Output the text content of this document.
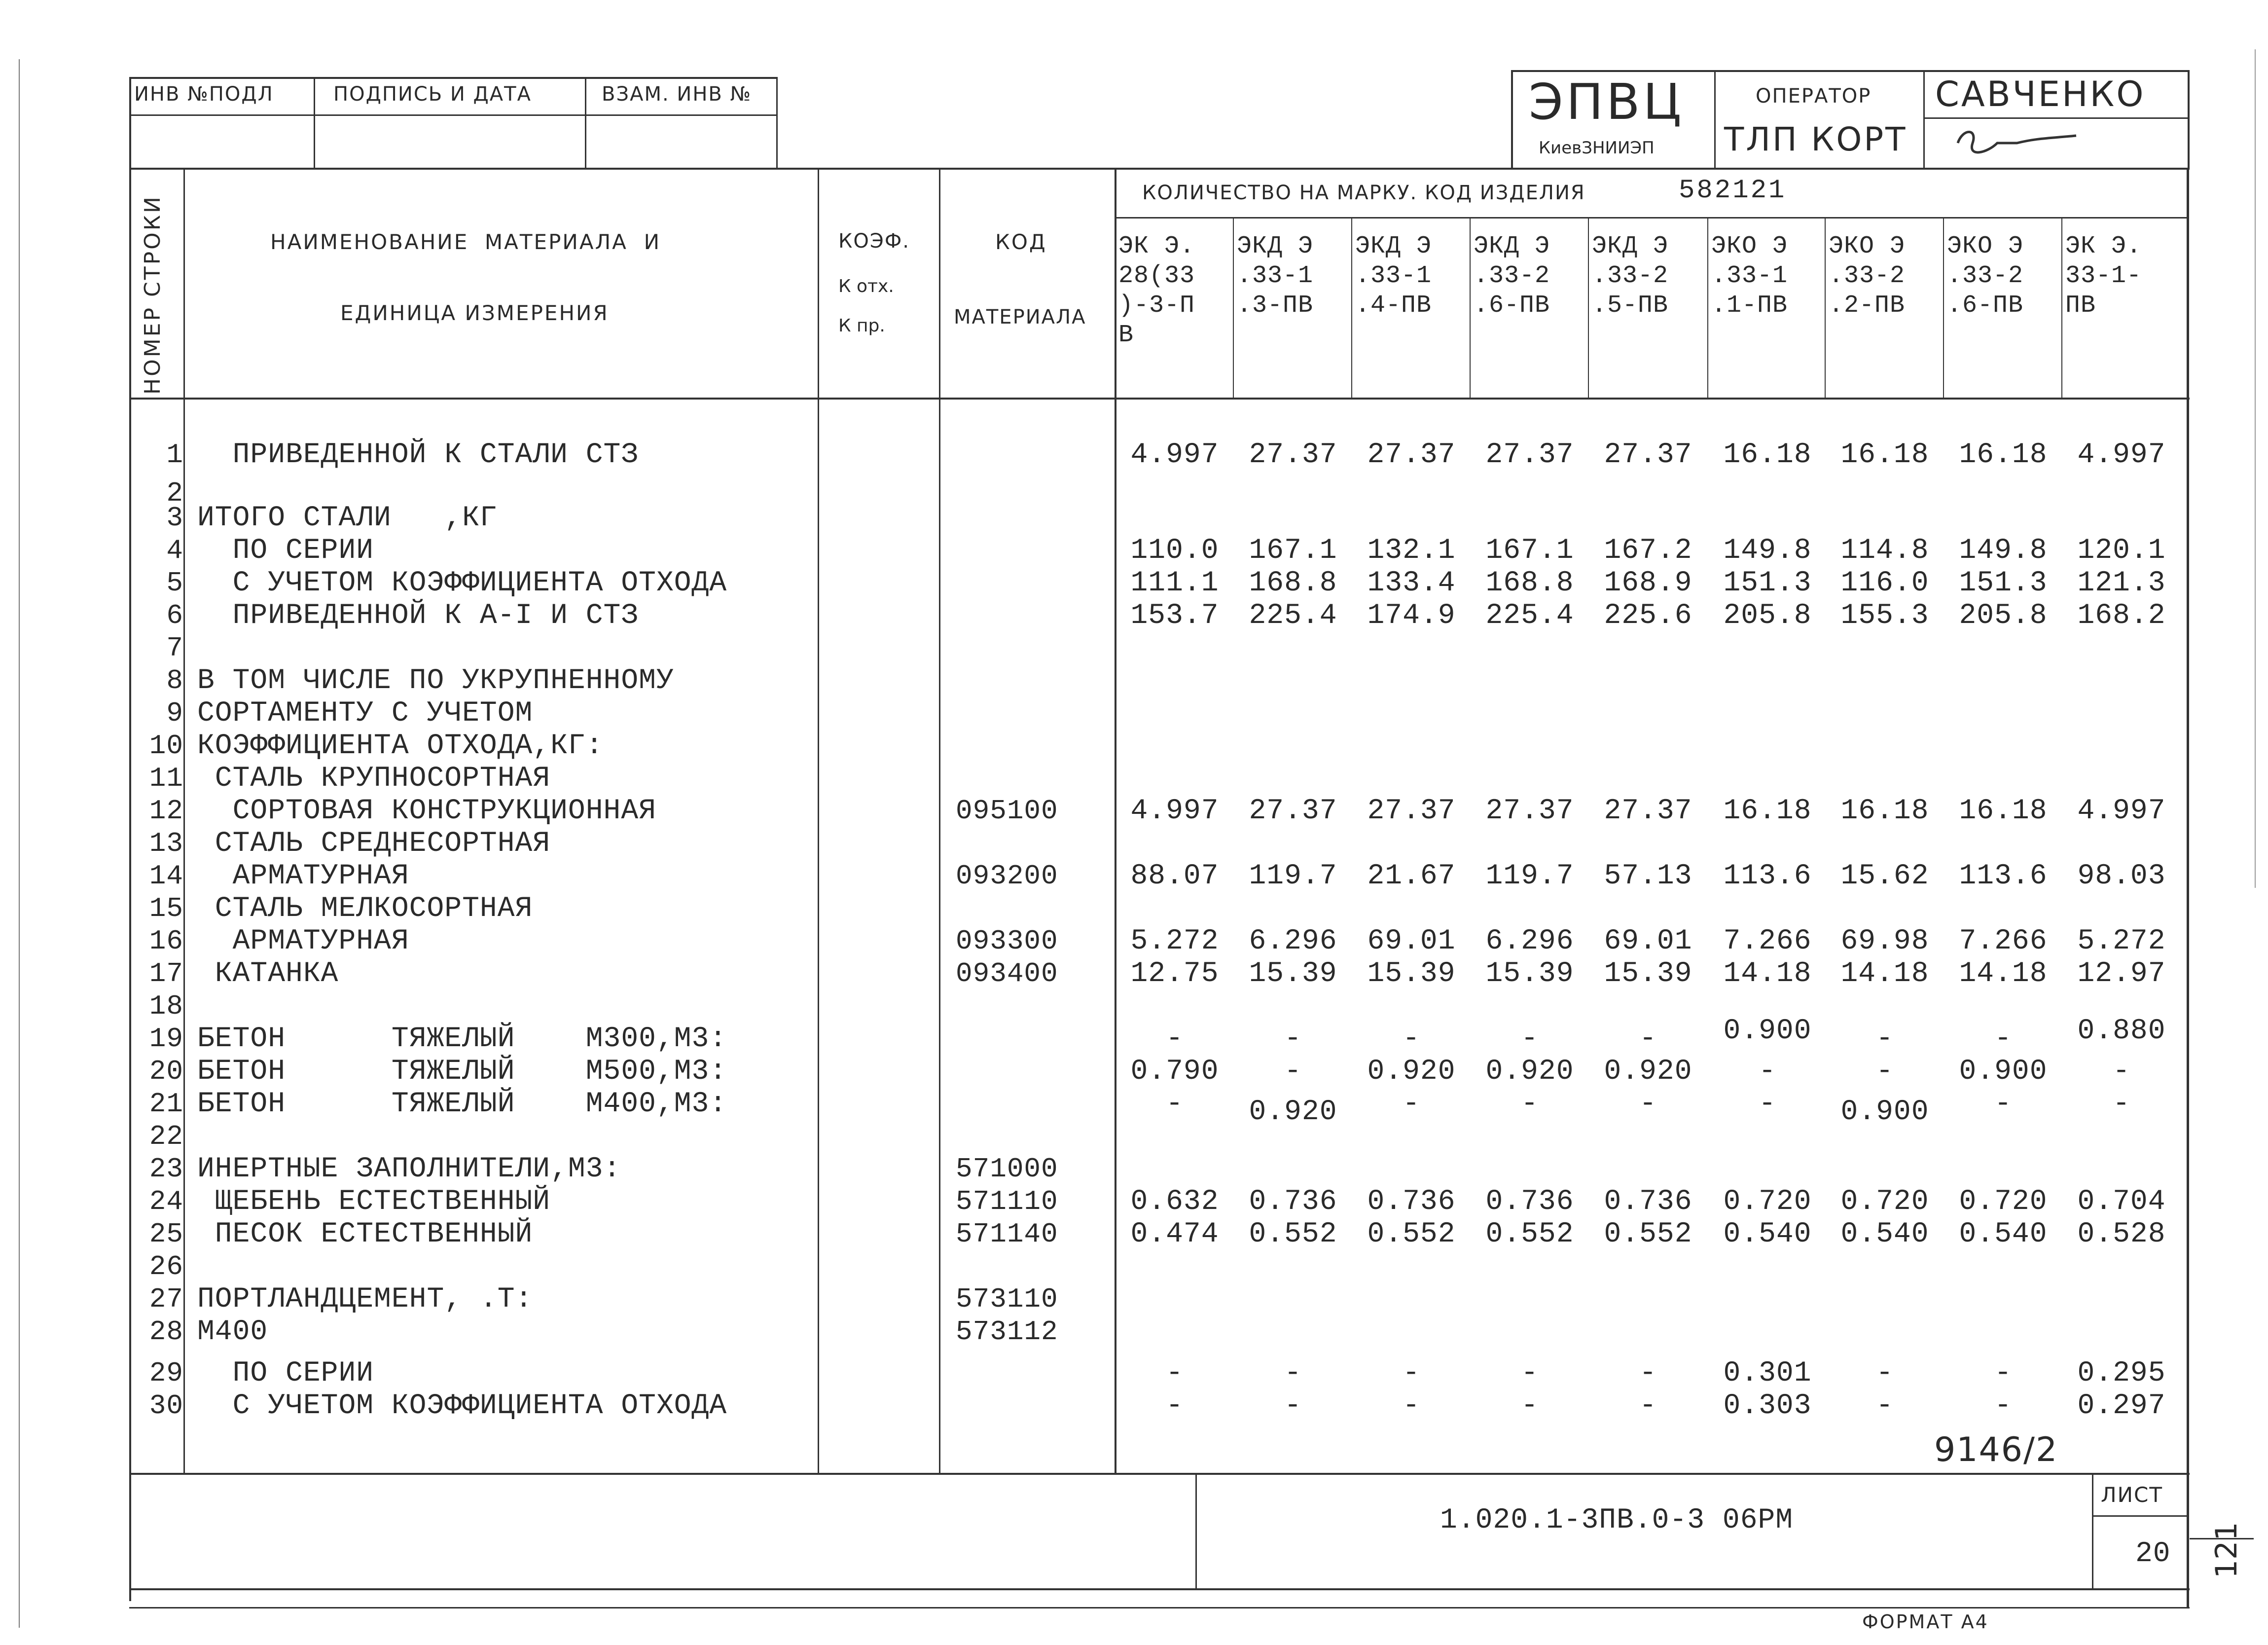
ИНВ №ПОДЛ	ПОДПИСЬ И ДАТА	ВЗАМ. ИНВ №	ЭПВЦ
КиевЗНИИЭП
ОПЕРАТОР
ТЛП КОРТ
САВЧЕНКО
НОМЕР СТРОКИ	НАИМЕНОВАНИЕ  МАТЕРИАЛА  И
ЕДИНИЦА ИЗМЕРЕНИЯ
КОЭФ.
К отх.
К пр.
КОД
МАТЕРИАЛА
КОЛИЧЕСТВО НА МАРКУ. КОД ИЗДЕЛИЯ	582121
ЭК Э.
28(33
)-3-П
В
ЭКД Э
.33-1
.3-ПВ
ЭКД Э
.33-1
.4-ПВ
ЭКД Э
.33-2
.6-ПВ
ЭКД Э
.33-2
.5-ПВ
ЭКО Э
.33-1
.1-ПВ
ЭКО Э
.33-2
.2-ПВ
ЭКО Э
.33-2
.6-ПВ
ЭК Э.
33-1-
ПВ
1 ПРИВЕДЕННОЙ К СТАЛИ СТЗ	4.997	27.37	27.37	27.37	27.37	16.18	16.18	16.18	4.997
2
3 ИТОГО СТАЛИ   ,КГ
4 ПО СЕРИИ	110.0	167.1	132.1	167.1	167.2	149.8	114.8	149.8	120.1
5 С УЧЕТОМ КОЭФФИЦИЕНТА ОТХОДА	111.1	168.8	133.4	168.8	168.9	151.3	116.0	151.3	121.3
6 ПРИВЕДЕННОЙ К А-I И СТЗ	153.7	225.4	174.9	225.4	225.6	205.8	155.3	205.8	168.2
7
8 В ТОМ ЧИСЛЕ ПО УКРУПНЕННОМУ
9 СОРТАМЕНТУ С УЧЕТОМ
10 КОЭФФИЦИЕНТА ОТХОДА,КГ:
11 СТАЛЬ КРУПНОСОРТНАЯ
12 СОРТОВАЯ КОНСТРУКЦИОННАЯ	095100	4.997	27.37	27.37	27.37	27.37	16.18	16.18	16.18	4.997
13 СТАЛЬ СРЕДНЕСОРТНАЯ
14 АРМАТУРНАЯ	093200	88.07	119.7	21.67	119.7	57.13	113.6	15.62	113.6	98.03
15 СТАЛЬ МЕЛКОСОРТНАЯ
16 АРМАТУРНАЯ	093300	5.272	6.296	69.01	6.296	69.01	7.266	69.98	7.266	5.272
17 КАТАНКА	093400	12.75	15.39	15.39	15.39	15.39	14.18	14.18	14.18	12.97
18
19 БЕТОН      ТЯЖЕЛЫЙ    М300,М3:	-	-	-	-	-	0.900	-	-	0.880
20 БЕТОН      ТЯЖЕЛЫЙ    М500,М3:	0.790	-	0.920	0.920	0.920	-	-	0.900	-
21 БЕТОН      ТЯЖЕЛЫЙ    М400,М3:	-	0.920	-	-	-	-	0.900	-	-
22
23 ИНЕРТНЫЕ ЗАПОЛНИТЕЛИ,М3:	571000
24 ЩЕБЕНЬ ЕСТЕСТВЕННЫЙ	571110	0.632	0.736	0.736	0.736	0.736	0.720	0.720	0.720	0.704
25 ПЕСОК ЕСТЕСТВЕННЫЙ	571140	0.474	0.552	0.552	0.552	0.552	0.540	0.540	0.540	0.528
26
27 ПОРТЛАНДЦЕМЕНТ, .Т:	573110
28 М400	573112
29 ПО СЕРИИ	-	-	-	-	-	0.301	-	-	0.295
30 С УЧЕТОМ КОЭФФИЦИЕНТА ОТХОДА	-	-	-	-	-	0.303	-	-	0.297
9146/2
1.020.1-3ПВ.0-3 06РМ
ЛИСТ
20
ФОРМАТ А4
121
